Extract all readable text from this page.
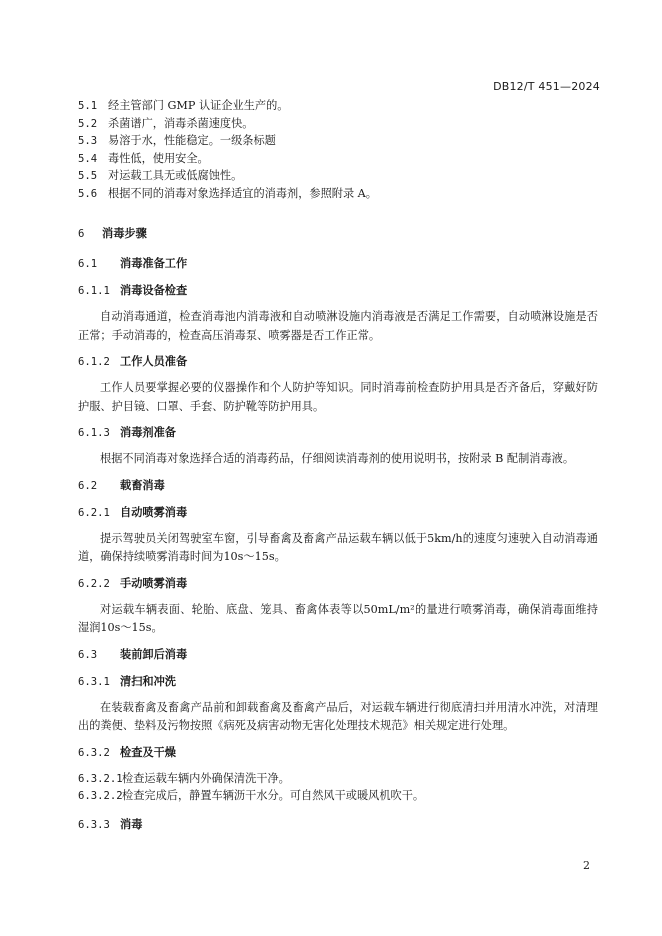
DB12/T 451—2024
5.1 经主管部门 GMP 认证企业生产的。
5.2 杀菌谱广，消毒杀菌速度快。
5.3 易溶于水，性能稳定。一级条标题
5.4 毒性低，使用安全。
5.5 对运载工具无或低腐蚀性。
5.6 根据不同的消毒对象选择适宜的消毒剂，参照附录 A。
6 消毒步骤
6.1 消毒准备工作
6.1.1 消毒设备检查
自动消毒通道，检查消毒池内消毒液和自动喷淋设施内消毒液是否满足工作需要，自动喷淋设施是否正常；手动消毒的，检查高压消毒泵、喷雾器是否工作正常。
6.1.2 工作人员准备
工作人员要掌握必要的仪器操作和个人防护等知识。同时消毒前检查防护用具是否齐备后，穿戴好防护服、护目镜、口罩、手套、防护靴等防护用具。
6.1.3 消毒剂准备
根据不同消毒对象选择合适的消毒药品，仔细阅读消毒剂的使用说明书，按附录 B 配制消毒液。
6.2 载畜消毒
6.2.1 自动喷雾消毒
提示驾驶员关闭驾驶室车窗，引导畜禽及畜禽产品运载车辆以低于5km/h的速度匀速驶入自动消毒通道，确保持续喷雾消毒时间为10s～15s。
6.2.2 手动喷雾消毒
对运载车辆表面、轮胎、底盘、笼具、畜禽体表等以50mL/m²的量进行喷雾消毒，确保消毒面维持湿润10s～15s。
6.3 装前卸后消毒
6.3.1 清扫和冲洗
在装载畜禽及畜禽产品前和卸载畜禽及畜禽产品后，对运载车辆进行彻底清扫并用清水冲洗，对清理出的粪便、垫料及污物按照《病死及病害动物无害化处理技术规范》相关规定进行处理。
6.3.2 检查及干燥
6.3.2.1检查运载车辆内外确保清洗干净。
6.3.2.2检查完成后，静置车辆沥干水分。可自然风干或暖风机吹干。
6.3.3 消毒
2
